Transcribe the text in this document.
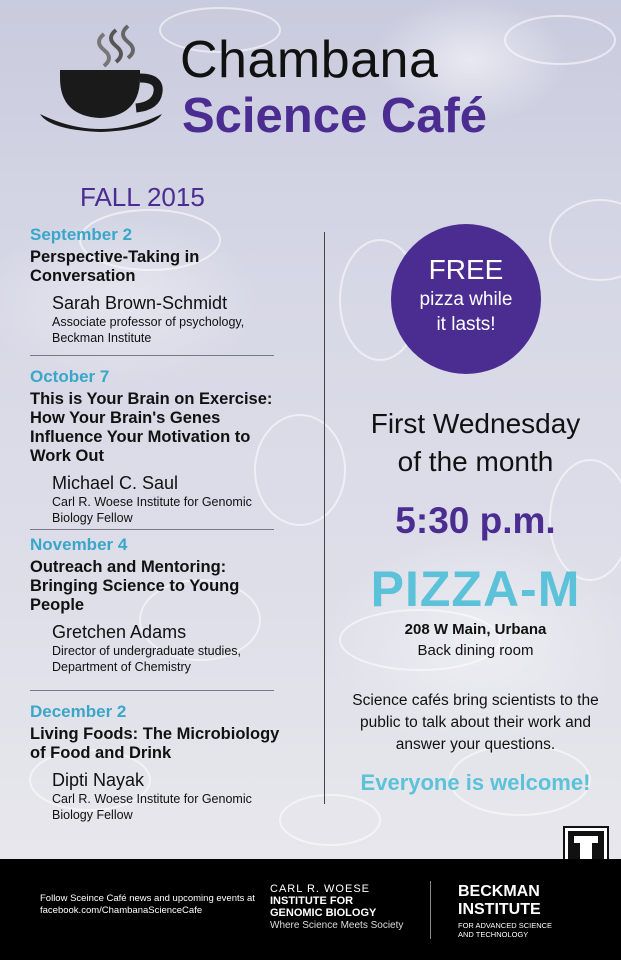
Chambana
Science Café
FALL 2015
September 2
Perspective-Taking in Conversation
Sarah Brown-Schmidt
Associate professor of psychology, Beckman Institute
October 7
This is Your Brain on Exercise: How Your Brain's Genes Influence Your Motivation to Work Out
Michael C. Saul
Carl R. Woese Institute for Genomic Biology Fellow
November 4
Outreach and Mentoring: Bringing Science to Young People
Gretchen Adams
Director of undergraduate studies, Department of Chemistry
December 2
Living Foods: The Microbiology of Food and Drink
Dipti Nayak
Carl R. Woese Institute for Genomic Biology Fellow
FREE
pizza while
it lasts!
First Wednesday
of the month
5:30 p.m.
PIZZA-M
208 W Main, Urbana
Back dining room
Science cafés bring scientists to the public to talk about their work and answer your questions.
Everyone is welcome!
Follow Sceince Café news and upcoming events at
facebook.com/ChambanaScienceCafe
CARL R. WOESE
INSTITUTE FOR
GENOMIC BIOLOGY
Where Science Meets Society
BECKMAN
INSTITUTE
FOR ADVANCED SCIENCE
AND TECHNOLOGY
